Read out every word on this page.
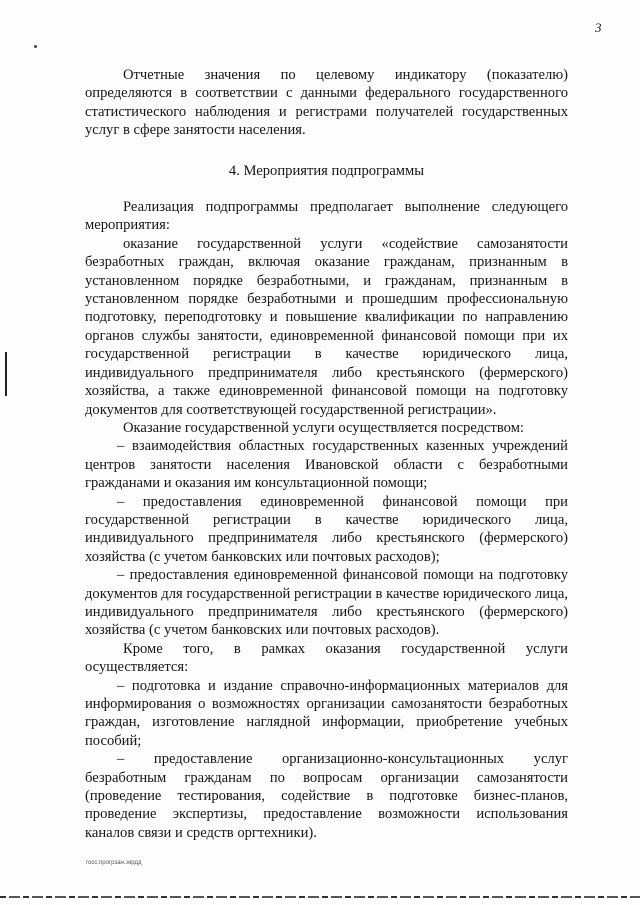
3

Отчетные значения по целевому индикатору (показателю) определяются в соответствии с данными федерального государственного статистического наблюдения и регистрами получателей государственных услуг в сфере занятости населения.

4. Мероприятия подпрограммы

Реализация подпрограммы предполагает выполнение следующего мероприятия:

оказание государственной услуги «содействие самозанятости безработных граждан, включая оказание гражданам, признанным в установленном порядке безработными, и гражданам, признанным в установленном порядке безработными и прошедшим профессиональную подготовку, переподготовку и повышение квалификации по направлению органов службы занятости, единовременной финансовой помощи при их государственной регистрации в качестве юридического лица, индивидуального предпринимателя либо крестьянского (фермерского) хозяйства, а также единовременной финансовой помощи на подготовку документов для соответствующей государственной регистрации».

Оказание государственной услуги осуществляется посредством:

– взаимодействия областных государственных казенных учреждений центров занятости населения Ивановской области с безработными гражданами и оказания им консультационной помощи;

– предоставления единовременной финансовой помощи при государственной регистрации в качестве юридического лица, индивидуального предпринимателя либо крестьянского (фермерского) хозяйства (с учетом банковских или почтовых расходов);

– предоставления единовременной финансовой помощи на подготовку документов для государственной регистрации в качестве юридического лица, индивидуального предпринимателя либо крестьянского (фермерского) хозяйства (с учетом банковских или почтовых расходов).

Кроме того, в рамках оказания государственной услуги осуществляется:

– подготовка и издание справочно-информационных материалов для информирования о возможностях организации самозанятости безработных граждан, изготовление наглядной информации, приобретение учебных пособий;

– предоставление организационно-консультационных услуг безработным гражданам по вопросам организации самозанятости (проведение тестирования, содействие в подготовке бизнес-планов, проведение экспертизы, предоставление возможности использования каналов связи и средств оргтехники).

госс.прогрзан..мрдд
